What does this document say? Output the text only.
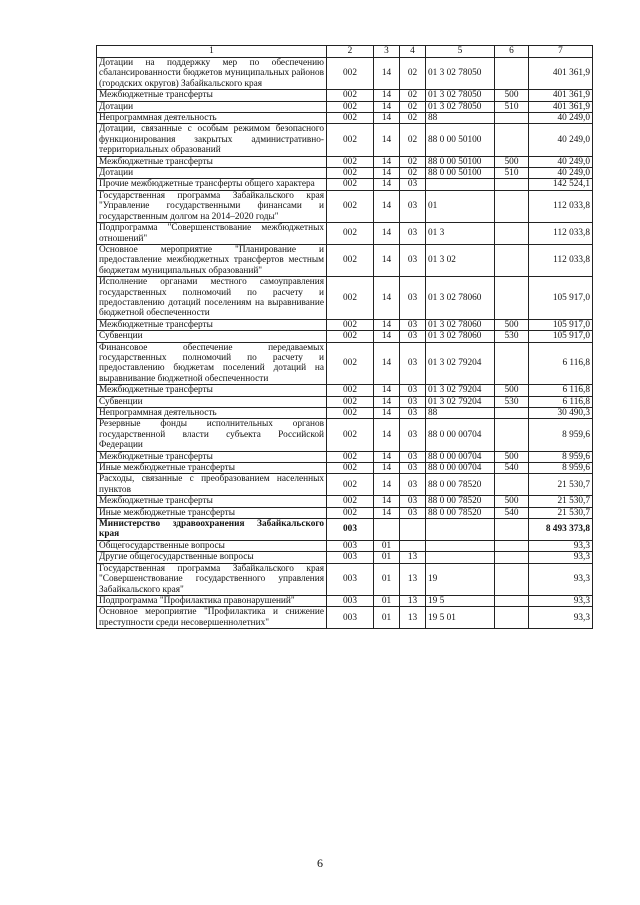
1	2	3	4	5	6	7
Дотации на поддержку мер по обеспечению сбалансированности бюджетов муниципальных районов (городских округов) Забайкальского края	002	14	02	01 3 02 78050		401 361,9
Межбюджетные трансферты	002	14	02	01 3 02 78050	500	401 361,9
Дотации	002	14	02	01 3 02 78050	510	401 361,9
Непрограммная деятельность	002	14	02	88		40 249,0
Дотации, связанные с особым режимом безопасного функционирования закрытых административно-территориальных образований	002	14	02	88 0 00 50100		40 249,0
Межбюджетные трансферты	002	14	02	88 0 00 50100	500	40 249,0
Дотации	002	14	02	88 0 00 50100	510	40 249,0
Прочие межбюджетные трансферты общего характера	002	14	03			142 524,1
Государственная программа Забайкальского края "Управление государственными финансами и государственным долгом на 2014–2020 годы"	002	14	03	01		112 033,8
Подпрограмма "Совершенствование межбюджетных отношений"	002	14	03	01 3		112 033,8
Основное мероприятие "Планирование и предоставление межбюджетных трансфертов местным бюджетам муниципальных образований"	002	14	03	01 3 02		112 033,8
Исполнение органами местного самоуправления государственных полномочий по расчету и предоставлению дотаций поселениям на выравнивание бюджетной обеспеченности	002	14	03	01 3 02 78060		105 917,0
Межбюджетные трансферты	002	14	03	01 3 02 78060	500	105 917,0
Субвенции	002	14	03	01 3 02 78060	530	105 917,0
Финансовое обеспечение передаваемых государственных полномочий по расчету и предоставлению бюджетам поселений дотаций на выравнивание бюджетной обеспеченности	002	14	03	01 3 02 79204		6 116,8
Межбюджетные трансферты	002	14	03	01 3 02 79204	500	6 116,8
Субвенции	002	14	03	01 3 02 79204	530	6 116,8
Непрограммная деятельность	002	14	03	88		30 490,3
Резервные фонды исполнительных органов государственной власти субъекта Российской Федерации	002	14	03	88 0 00 00704		8 959,6
Межбюджетные трансферты	002	14	03	88 0 00 00704	500	8 959,6
Иные межбюджетные трансферты	002	14	03	88 0 00 00704	540	8 959,6
Расходы, связанные с преобразованием населенных пунктов	002	14	03	88 0 00 78520		21 530,7
Межбюджетные трансферты	002	14	03	88 0 00 78520	500	21 530,7
Иные межбюджетные трансферты	002	14	03	88 0 00 78520	540	21 530,7
Министерство здравоохранения Забайкальского края	003					8 493 373,8
Общегосударственные вопросы	003	01				93,3
Другие общегосударственные вопросы	003	01	13			93,3
Государственная программа Забайкальского края "Совершенствование государственного управления Забайкальского края"	003	01	13	19		93,3
Подпрограмма "Профилактика правонарушений"	003	01	13	19 5		93,3
Основное мероприятие "Профилактика и снижение преступности среди несовершеннолетних"	003	01	13	19 5 01		93,3
6
